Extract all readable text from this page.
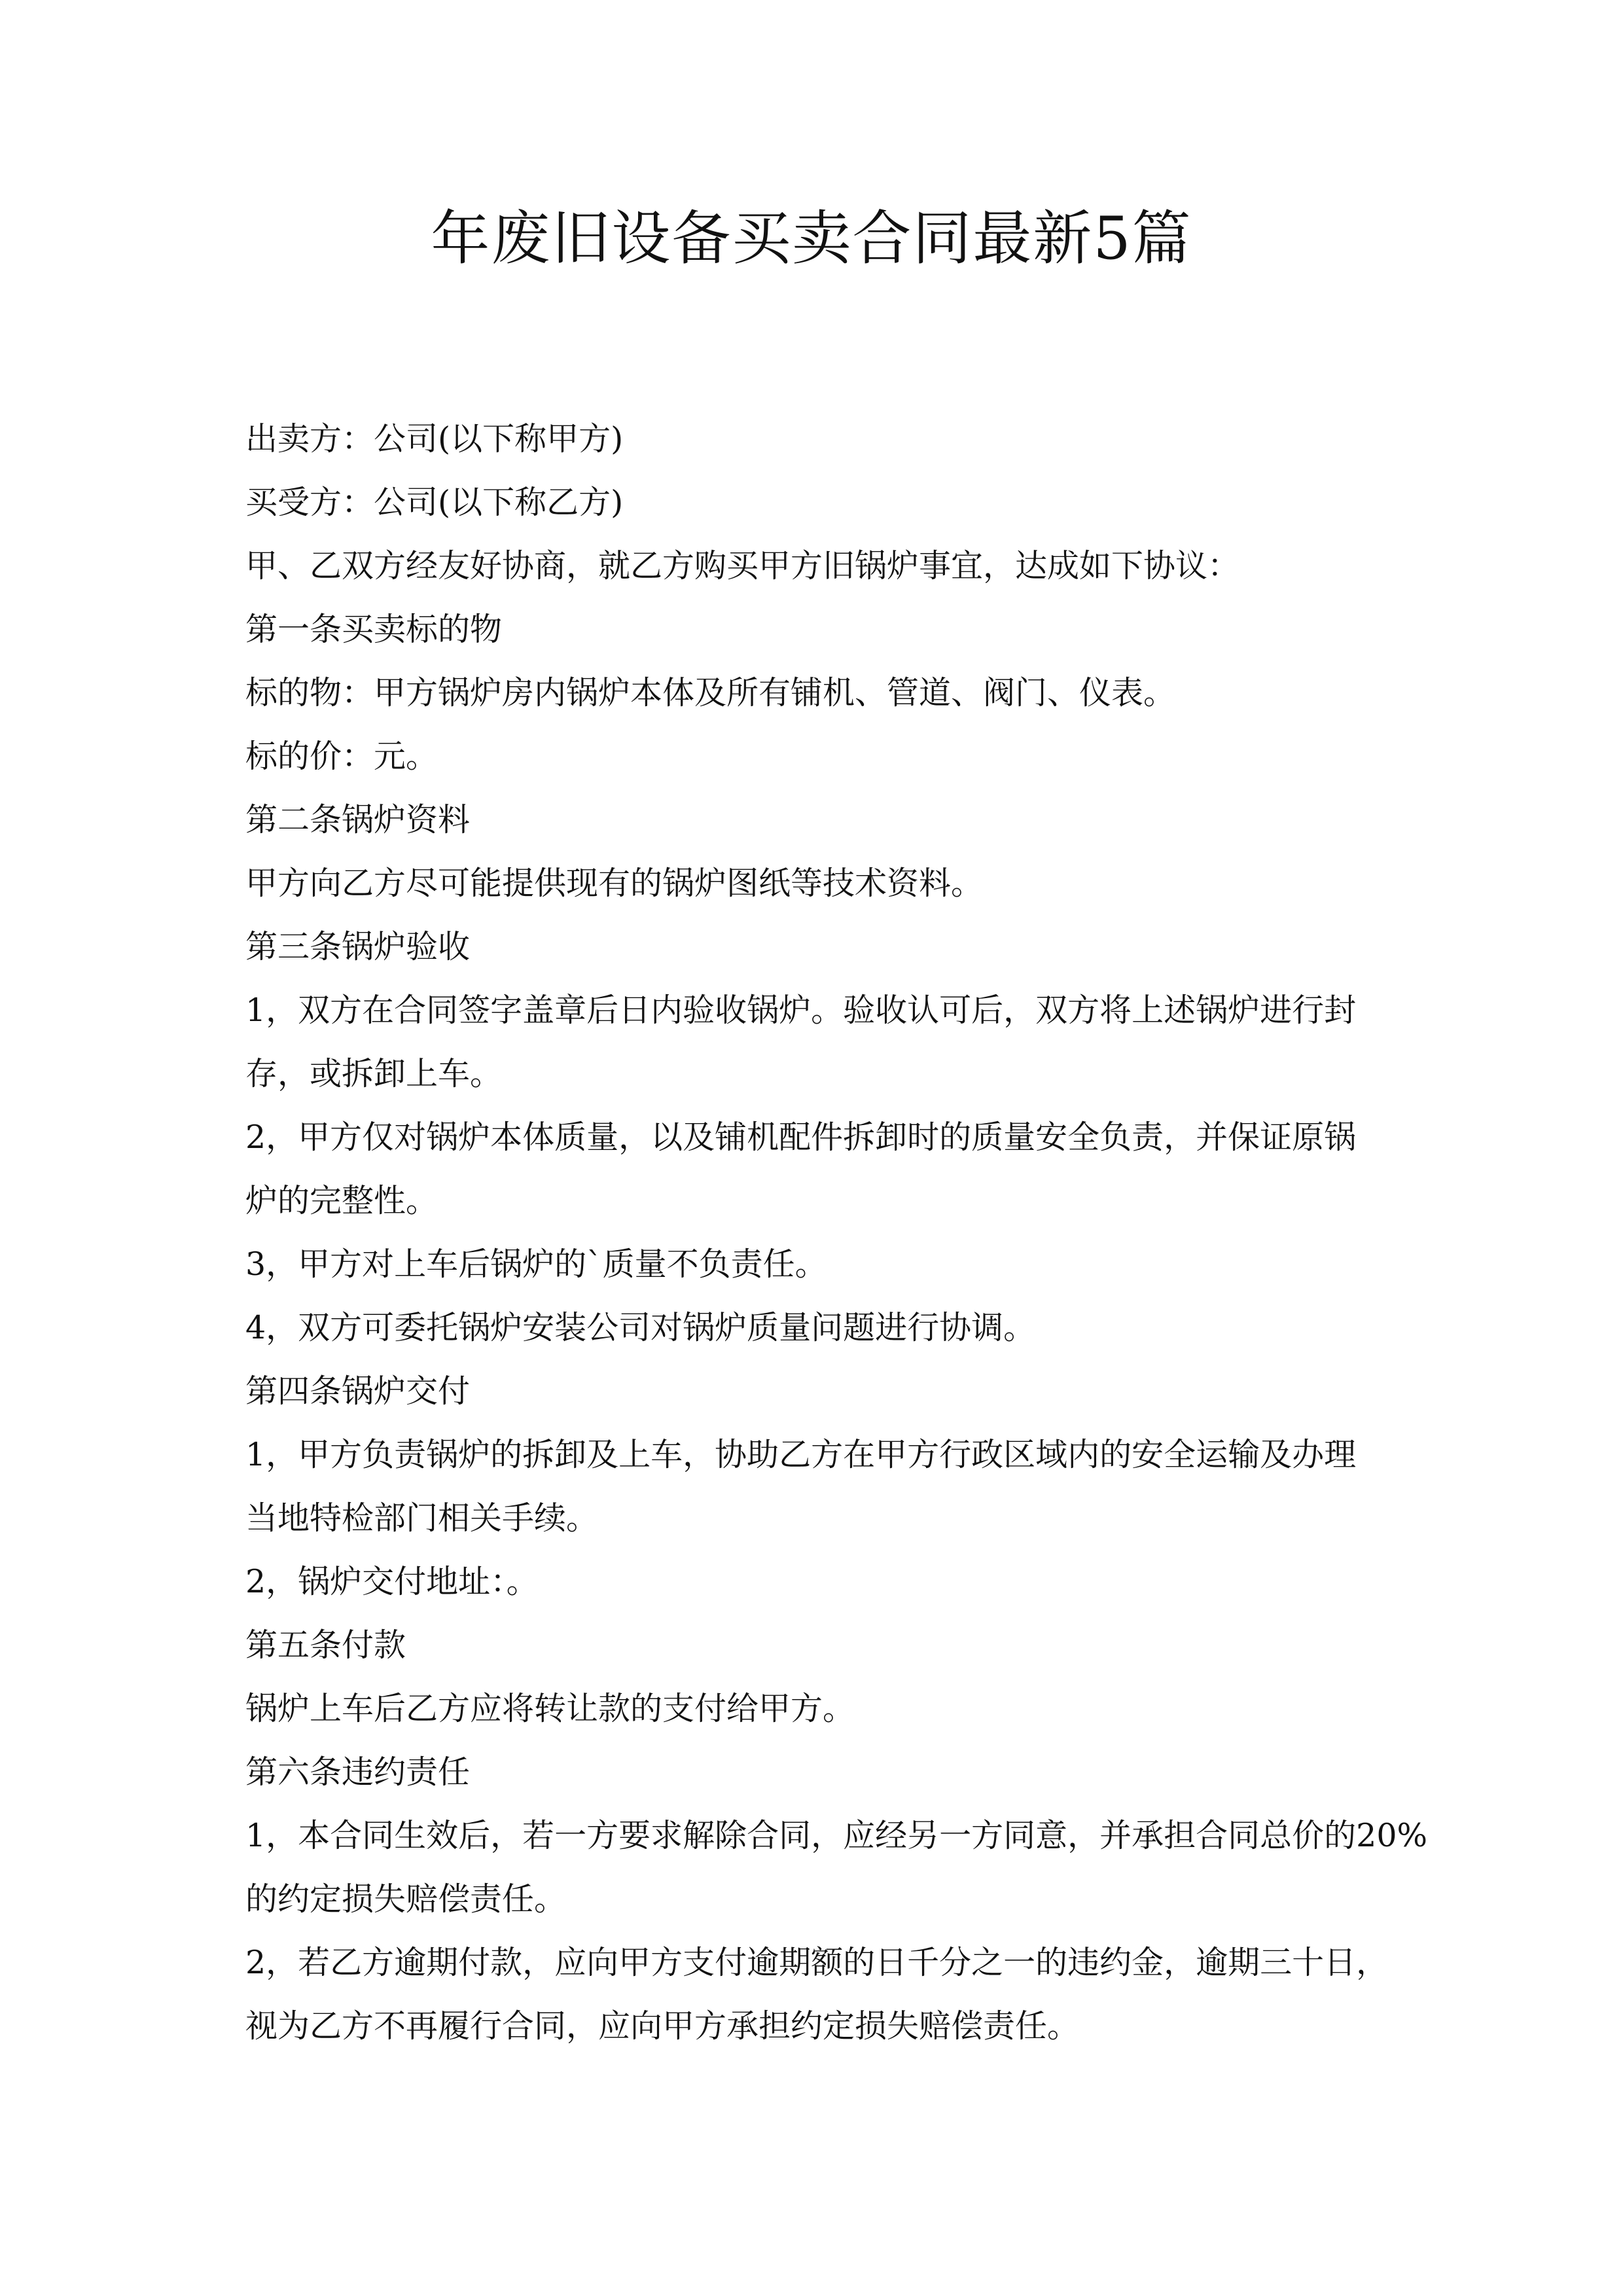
年废旧设备买卖合同最新5篇
出卖方：公司(以下称甲方)
买受方：公司(以下称乙方)
甲、乙双方经友好协商，就乙方购买甲方旧锅炉事宜，达成如下协议：
第一条买卖标的物
标的物：甲方锅炉房内锅炉本体及所有铺机、管道、阀门、仪表。
标的价：元。
第二条锅炉资料
甲方向乙方尽可能提供现有的锅炉图纸等技术资料。
第三条锅炉验收
1，双方在合同签字盖章后日内验收锅炉。验收认可后，双方将上述锅炉进行封
存，或拆卸上车。
2，甲方仅对锅炉本体质量，以及铺机配件拆卸时的质量安全负责，并保证原锅
炉的完整性。
3，甲方对上车后锅炉的`质量不负责任。
4，双方可委托锅炉安装公司对锅炉质量问题进行协调。
第四条锅炉交付
1，甲方负责锅炉的拆卸及上车，协助乙方在甲方行政区域内的安全运输及办理
当地特检部门相关手续。
2，锅炉交付地址：。
第五条付款
锅炉上车后乙方应将转让款的支付给甲方。
第六条违约责任
1，本合同生效后，若一方要求解除合同，应经另一方同意，并承担合同总价的20%
的约定损失赔偿责任。
2，若乙方逾期付款，应向甲方支付逾期额的日千分之一的违约金，逾期三十日，
视为乙方不再履行合同，应向甲方承担约定损失赔偿责任。
